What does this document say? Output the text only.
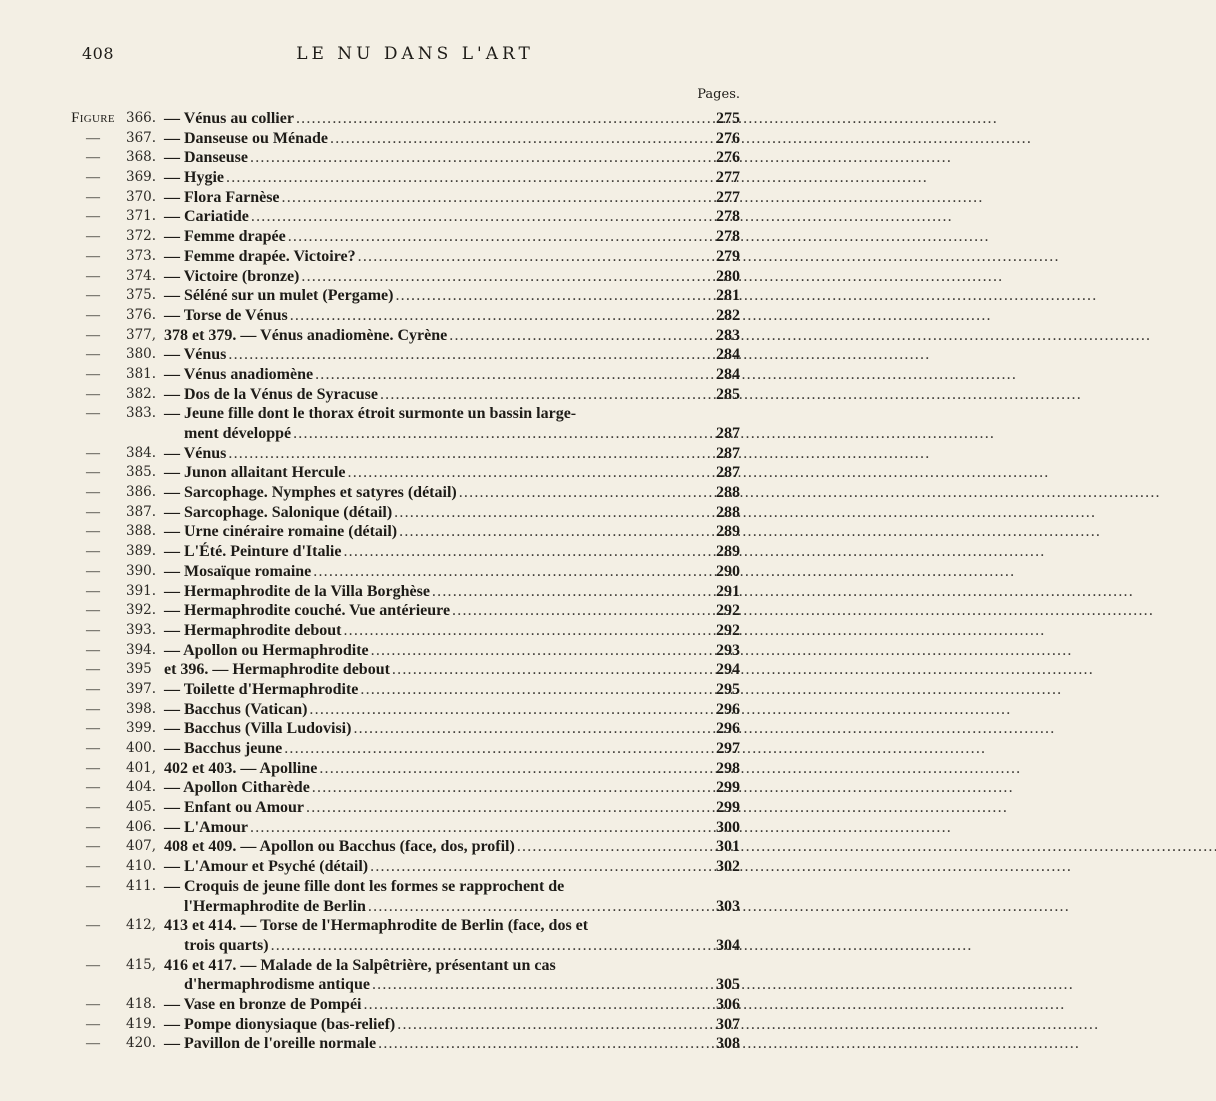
408	LE NU DANS L'ART
Pages.
Figure 366. — Vénus au collier . . .	275
—	367. — Danseuse ou Ménade . . .	276
—	368. — Danseuse . . .	276
—	369. — Hygie . . .	277
—	370. — Flora Farnèse . . .	277
—	371. — Cariatide . . .	278
—	372. — Femme drapée . . .	278
—	373. — Femme drapée. Victoire? . . .	279
—	374. — Victoire (bronze) . . .	280
—	375. — Séléné sur un mulet (Pergame) . . .	281
—	376. — Torse de Vénus . . .	282
—	377, 378 et 379. — Vénus anadiomène. Cyrène . . .	283
—	380. — Vénus . . .	284
—	381. — Vénus anadiomène . . .	284
—	382. — Dos de la Vénus de Syracuse . . .	285
—	383. — Jeune fille dont le thorax étroit surmonte un bassin large-
ment développé . . .	287
—	384. — Vénus . . .	287
—	385. — Junon allaitant Hercule . . .	287
—	386. — Sarcophage. Nymphes et satyres (détail) . . .	288
—	387. — Sarcophage. Salonique (détail) . . .	288
—	388. — Urne cinéraire romaine (détail) . . .	289
—	389. — L'Été. Peinture d'Italie . . .	289
—	390. — Mosaïque romaine . . .	290
—	391. — Hermaphrodite de la Villa Borghèse . . .	291
—	392. — Hermaphrodite couché. Vue antérieure . . .	292
—	393. — Hermaphrodite debout . . .	292
—	394. — Apollon ou Hermaphrodite . . .	293
—	395 et 396. — Hermaphrodite debout . . .	294
—	397. — Toilette d'Hermaphrodite . . .	295
—	398. — Bacchus (Vatican) . . .	296
—	399. — Bacchus (Villa Ludovisi) . . .	296
—	400. — Bacchus jeune . . .	297
—	401, 402 et 403. — Apolline . . .	298
—	404. — Apollon Citharède . . .	299
—	405. — Enfant ou Amour . . .	299
—	406. — L'Amour . . .	300
—	407, 408 et 409. — Apollon ou Bacchus (face, dos, profil) . . .	301
—	410. — L'Amour et Psyché (détail) . . .	302
—	411. — Croquis de jeune fille dont les formes se rapprochent de
l'Hermaphrodite de Berlin . . .	303
—	412, 413 et 414. — Torse de l'Hermaphrodite de Berlin (face, dos et
trois quarts) . . .	304
—	415, 416 et 417. — Malade de la Salpêtrière, présentant un cas
d'hermaphrodisme antique . . .	305
—	418. — Vase en bronze de Pompéi . . .	306
—	419. — Pompe dionysiaque (bas-relief) . . .	307
—	420. — Pavillon de l'oreille normale . . .	308
